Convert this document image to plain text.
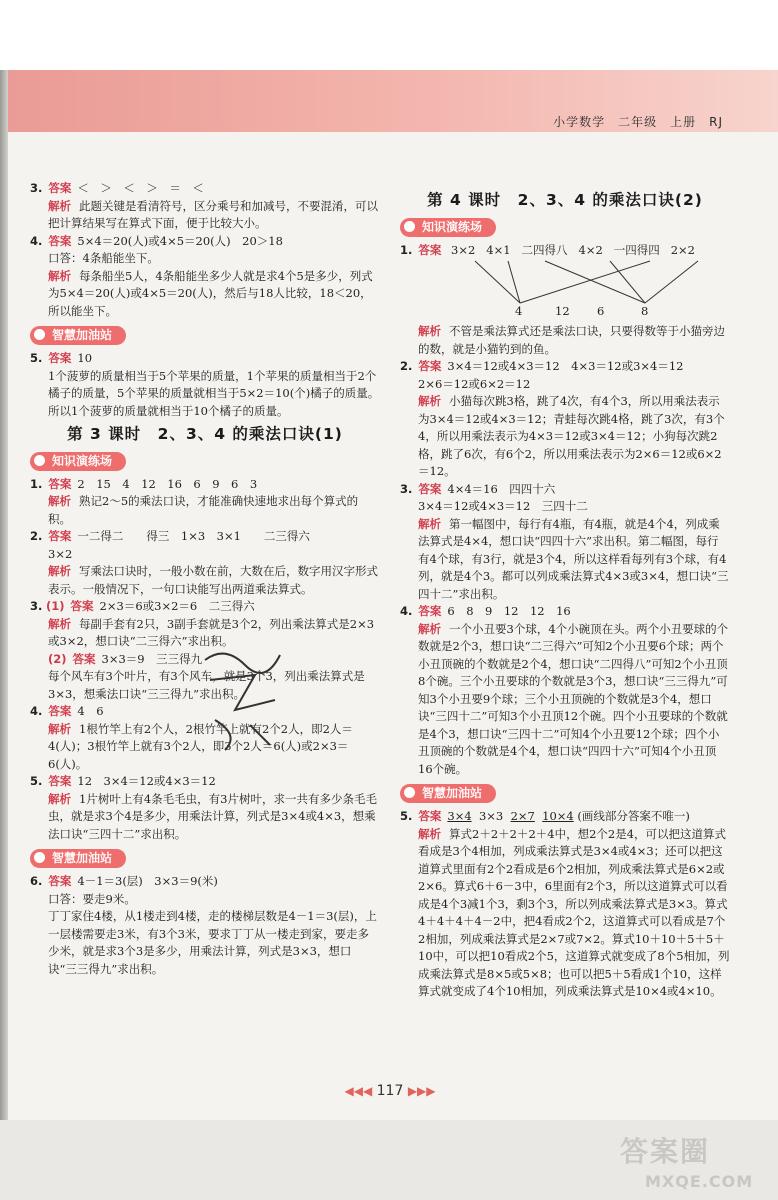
小学数学　二年级　上册　RJ

3. 答案 ＜　＞　＜　＞　＝　＜

解析 此题关键是看清符号，区分乘号和加减号，不要混淆，可以把计算结果写在算式下面，便于比较大小。

4. 答案 5×4＝20(人)或4×5＝20(人)　20＞18

口答：4条船能坐下。

解析 每条船坐5人，4条船能坐多少人就是求4个5是多少，列式为5×4＝20(人)或4×5＝20(人)，然后与18人比较，18＜20，所以能坐下。

智慧加油站

5. 答案 10

1个菠萝的质量相当于5个苹果的质量，1个苹果的质量相当于2个橘子的质量，5个苹果的质量就相当于5×2＝10(个)橘子的质量。所以1个菠萝的质量就相当于10个橘子的质量。

第 3 课时　2、3、4 的乘法口诀(1)
知识演练场

1. 答案 2　15　4　12　16　6　9　6　3

解析 熟记2～5的乘法口诀，才能准确快速地求出每个算式的积。

2. 答案 一二得二　　得三　1×3　3×1　　二三得六

3×2

解析 写乘法口诀时，一般小数在前，大数在后，数字用汉字形式表示。一般情况下，一句口诀能写出两道乘法算式。

3. (1) 答案 2×3＝6或3×2＝6　二三得六

解析 每副手套有2只，3副手套就是3个2，列出乘法算式是2×3或3×2，想口诀“二三得六”求出积。

(2) 答案 3×3＝9　三三得九

每个风车有3个叶片，有3个风车，就是3个3，列出乘法算式是3×3，想乘法口诀“三三得九”求出积。

4. 答案 4　6

解析 1根竹竿上有2个人，2根竹竿上就有2个2人，即2人＝4(人)；3根竹竿上就有3个2人，即3个2人＝6(人)或2×3＝6(人)。

5. 答案 12　3×4＝12或4×3＝12

解析 1片树叶上有4条毛毛虫，有3片树叶，求一共有多少条毛毛虫，就是求3个4是多少，用乘法计算，列式是3×4或4×3，想乘法口诀“三四十二”求出积。

智慧加油站

6. 答案 4－1＝3(层)　3×3＝9(米)

口答：要走9米。

丁丁家住4楼，从1楼走到4楼，走的楼梯层数是4－1＝3(层)，上一层楼需要走3米，有3个3米，要求丁丁从一楼走到家，要走多少米，就是求3个3是多少，用乘法计算，列式是3×3，想口诀“三三得九”求出积。

第 4 课时　2、3、4 的乘法口诀(2)
知识演练场

1. 答案 3×2 4×1 二四得八 4×2 一四得四 2×2

4	12 6	8

解析 不管是乘法算式还是乘法口诀，只要得数等于小猫旁边的数，就是小猫钓到的鱼。

2. 答案 3×4＝12或4×3＝12　4×3＝12或3×4＝12

2×6＝12或6×2＝12

解析 小猫每次跳3格，跳了4次，有4个3，所以用乘法表示为3×4＝12或4×3＝12；青蛙每次跳4格，跳了3次，有3个4，所以用乘法表示为4×3＝12或3×4＝12；小狗每次跳2格，跳了6次，有6个2，所以用乘法表示为2×6＝12或6×2＝12。

3. 答案 4×4＝16　四四十六

3×4＝12或4×3＝12　三四十二

解析 第一幅图中，每行有4瓶，有4瓶，就是4个4，列成乘法算式是4×4，想口诀“四四十六”求出积。第二幅图，每行有4个球，有3行，就是3个4，所以这样看每列有3个球，有4列，就是4个3。都可以列成乘法算式4×3或3×4，想口诀“三四十二”求出积。

4. 答案 6　8　9　12　12　16

解析 一个小丑要3个球，4个小碗顶在头。两个小丑要球的个数就是2个3，想口诀“二三得六”可知2个小丑要6个球；两个小丑顶碗的个数就是2个4，想口诀“二四得八”可知2个小丑顶8个碗。三个小丑要球的个数就是3个3，想口诀“三三得九”可知3个小丑要9个球；三个小丑顶碗的个数就是3个4，想口诀“三四十二”可知3个小丑顶12个碗。四个小丑要球的个数就是4个3，想口诀“三四十二”可知4个小丑要12个球；四个小丑顶碗的个数就是4个4，想口诀“四四十六”可知4个小丑顶16个碗。

智慧加油站

5. 答案 3×4 3×3 2×7 10×4 (画线部分答案不唯一)

解析 算式2＋2＋2＋2＋4中，想2个2是4，可以把这道算式看成是3个4相加，列成乘法算式是3×4或4×3；还可以把这道算式里面有2个2看成是6个2相加，列成乘法算式是6×2或2×6。算式6＋6－3中，6里面有2个3，所以这道算式可以看成是4个3减1个3，剩3个3，所以列成乘法算式是3×3。算式4＋4＋4＋4－2中，把4看成2个2，这道算式可以看成是7个2相加，列成乘法算式是2×7或7×2。算式10＋10＋5＋5＋10中，可以把10看成2个5，这道算式就变成了8个5相加，列成乘法算式是8×5或5×8；也可以把5＋5看成1个10，这样算式就变成了4个10相加，列成乘法算式是10×4或4×10。

◀◀◀ 117 ▶▶▶
答案圈
MXQE.COM
